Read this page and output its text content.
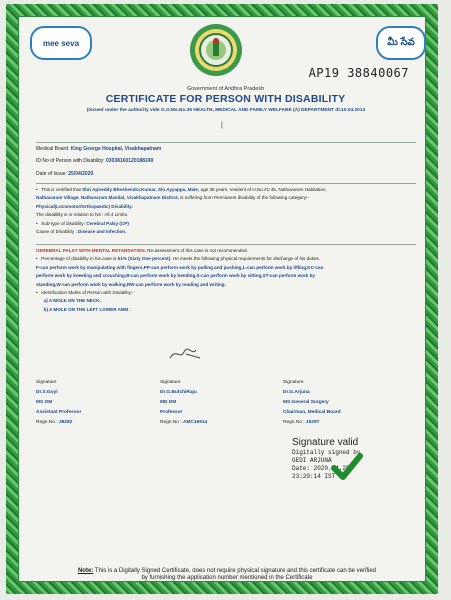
mee seva	మీ సేవ
AP19 38840067
Government of Andhra Pradesh
CERTIFICATE FOR PERSON WITH DISABILITY
(Issued under the authority vide G.O.Ms.No.35 HEALTH, MEDICAL AND FAMILY WELFARE (A) DEPARTMENT dt.10.04.2013
|
Medical Board: King George Hospital, Visakhapatnam
ID No of Person with Disability: 03038160120188249
Date of Issue: 25/04/2020
• This is certified that Shri Apireddy Bheshendra Kumar, S/o Ayyappa, Male, age 35 years, resident of H.No.#1-45, Nathavaram Habitation,
Nathavaram Village, Nathavaram Mandal, Visakhapatnam District, is suffering from Permanent disability of the following category:-
Physical(Locomotor/Orthopaedic) Disability.
The disability is in relation to his : All 4 Limbs.
• Sub-type of disability: Cerebral Palsy (CP)
Cause of Disability : Disease and Infection.
CEREBRAL PALSY WITH MENTAL RETARDATION. Re-assessment of this case is not recommended.
• Percentage of disability in his case is 61% (Sixty One percent). He meets the following physical requirements for discharge of his duties.
F-can perform work by manipulating with fingers,PP-can perform work by pulling and pushing,L-can perform work by lifting,KC-can
perform work by kneeling and crouching,B-can perform work by bending,S-can perform work by sitting,ST-can perform work by
standing,W-can perform work by walking,RW-can perform work by reading and writing.
• Identification Marks of Person with Disability:-
a) A MOLE ON THE NECK.
b) A MOLE ON THE LEFT LOWER ARM .
Signature
Dr.S.Goyi
MS OM
Assistant Professor
Regn.No : 38282
Signature
Dr.G.ButchiRaju
MD DM
Professor
Regn.No : AMC16914
Signature
Dr.G.Arjuna
MS.General Surgery
Chairman, Medical Board
Regn.No : 15297
Signature valid
Digitally signed by
GEDI ARJUNA
Date: 2020.04.25
23:20:14 IST
Note: This is a Digitally Signed Certificate, does not require physical signature and this certificate can be verified
by furnishing the application number mentioned in the Certificate
